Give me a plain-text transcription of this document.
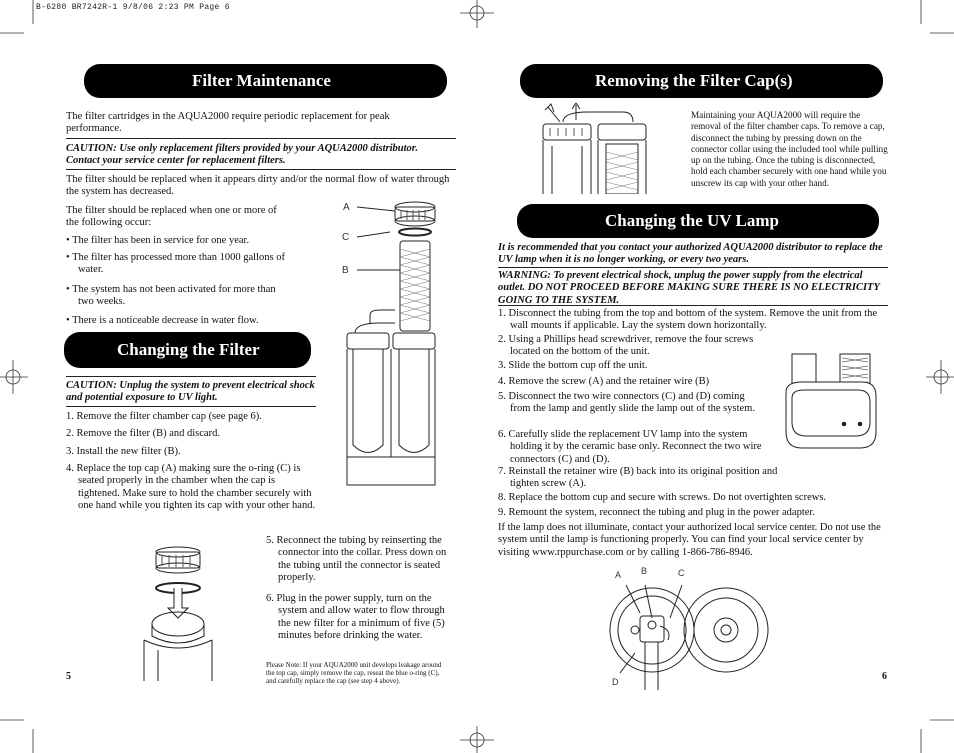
B-6280 BR7242R-1 9/8/06 2:23 PM Page 6
Filter Maintenance
The filter cartridges in the AQUA2000 require periodic replacement for peak performance.
CAUTION: Use only replacement filters provided by your AQUA2000 distributor. Contact your service center for replacement filters.
The filter should be replaced when it appears dirty and/or the normal flow of water through the system has decreased.
The filter should be replaced when one or more of the following occur:
• The filter has been in service for one year.
• The filter has processed more than 1000 gallons of water.
• The system has not been activated for more than two weeks.
• There is a noticeable decrease in water flow.
A
C
B
Changing the Filter
CAUTION: Unplug the system to prevent electrical shock and potential exposure to UV light.
1. Remove the filter chamber cap (see page 6).
2. Remove the filter (B) and discard.
3. Install the new filter (B).
4. Replace the top cap (A) making sure the o-ring (C) is seated properly in the chamber when the cap is tightened. Make sure to hold the chamber securely with one hand while you tighten its cap with your other hand.
5. Reconnect the tubing by reinserting the connector into the collar. Press down on the tubing until the connector is seated properly.
6. Plug in the power supply, turn on the system and allow water to flow through the new filter for a minimum of five (5) minutes before drinking the water.
Please Note: If your AQUA2000 unit develops leakage around the top cap, simply remove the cap, reseat the blue o-ring (C), and carefully replace the cap (see step 4 above).
5
Removing the Filter Cap(s)
Maintaining your AQUA2000 will require the removal of the filter chamber caps. To remove a cap, disconnect the tubing by pressing down on the connector collar using the included tool while pulling up on the tubing. Once the tubing is disconnected, hold each chamber securely with one hand while you unscrew its cap with your other hand.
Changing the UV Lamp
It is recommended that you contact your authorized AQUA2000 distributor to replace the UV lamp when it is no longer working, or every two years.
WARNING: To prevent electrical shock, unplug the power supply from the electrical outlet. DO NOT PROCEED BEFORE MAKING SURE THERE IS NO ELECTRICITY GOING TO THE SYSTEM.
1. Disconnect the tubing from the top and bottom of the system. Remove the unit from the wall mounts if applicable. Lay the system down horizontally.
2. Using a Phillips head screwdriver, remove the four screws located on the bottom of the unit.
3. Slide the bottom cup off the unit.
4. Remove the screw (A) and the retainer wire (B)
5. Disconnect the two wire connectors (C) and (D) coming from the lamp and gently slide the lamp out of the system.
6. Carefully slide the replacement UV lamp into the system holding it by the ceramic base only. Reconnect the two wire connectors (C) and (D).
7. Reinstall the retainer wire (B) back into its original position and tighten screw (A).
8. Replace the bottom cup and secure with screws. Do not overtighten screws.
9. Remount the system, reconnect the tubing and plug in the power adapter.
If the lamp does not illuminate, contact your authorized local service center. Do not use the system until the lamp is functioning properly. You can find your local service center by visiting www.rppurchase.com or by calling 1-866-786-8946.
A B	C
D	6
